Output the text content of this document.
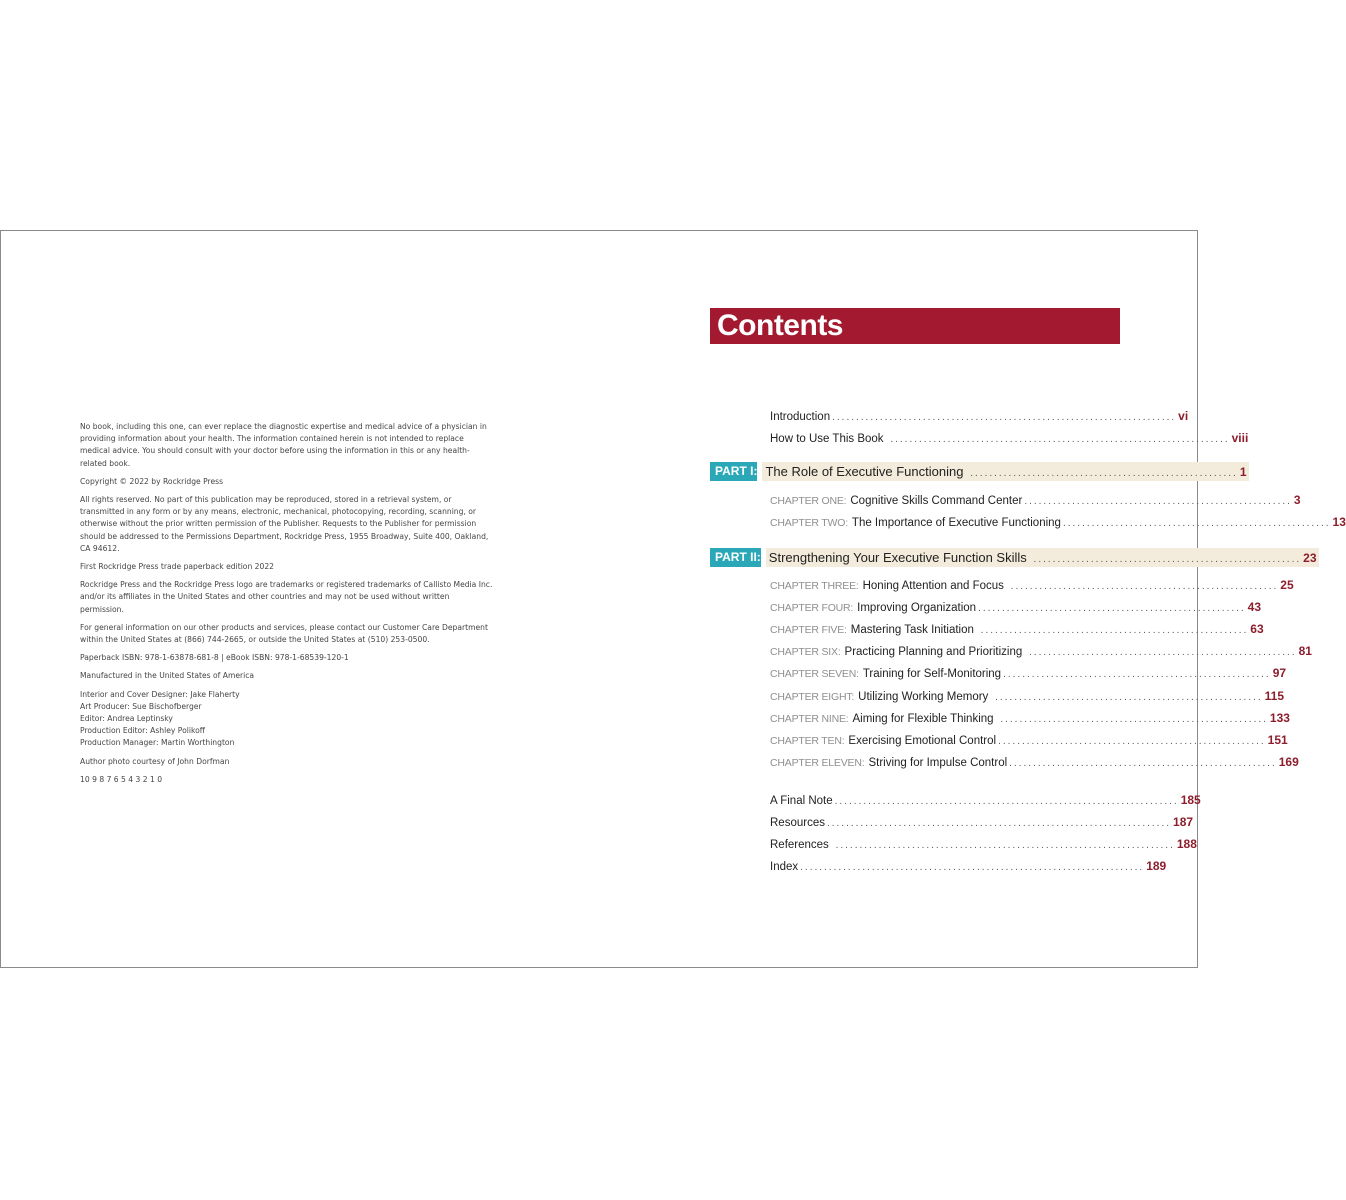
No book, including this one, can ever replace the diagnostic expertise and medical advice of a physician in providing information about your health. The information contained herein is not intended to replace medical advice. You should consult with your doctor before using the information in this or any health-related book.

Copyright © 2022 by Rockridge Press

All rights reserved. No part of this publication may be reproduced, stored in a retrieval system, or transmitted in any form or by any means, electronic, mechanical, photocopying, recording, scanning, or otherwise without the prior written permission of the Publisher. Requests to the Publisher for permission should be addressed to the Permissions Department, Rockridge Press, 1955 Broadway, Suite 400, Oakland, CA 94612.

First Rockridge Press trade paperback edition 2022

Rockridge Press and the Rockridge Press logo are trademarks or registered trademarks of Callisto Media Inc. and/or its affiliates in the United States and other countries and may not be used without written permission.

For general information on our other products and services, please contact our Customer Care Department within the United States at (866) 744-2665, or outside the United States at (510) 253-0500.

Paperback ISBN: 978-1-63878-681-8 | eBook ISBN: 978-1-68539-120-1

Manufactured in the United States of America

Interior and Cover Designer: Jake Flaherty
Art Producer: Sue Bischofberger
Editor: Andrea Leptinsky
Production Editor: Ashley Polikoff
Production Manager: Martin Worthington

Author photo courtesy of John Dorfman

10 9 8 7 6 5 4 3 2 1 0

Contents
Introduction ........................................................................ vi
How to Use This Book ....................................................................... viii
PART I: The Role of Executive Functioning ........................................................ 1
CHAPTER ONE: Cognitive Skills Command Center ........................................................ 3
CHAPTER TWO: The Importance of Executive Functioning ........................................................ 13
PART II: Strengthening Your Executive Function Skills ........................................................ 23
CHAPTER THREE: Honing Attention and Focus ........................................................ 25
CHAPTER FOUR: Improving Organization ........................................................ 43
CHAPTER FIVE: Mastering Task Initiation ........................................................ 63
CHAPTER SIX: Practicing Planning and Prioritizing ........................................................ 81
CHAPTER SEVEN: Training for Self-Monitoring ........................................................ 97
CHAPTER EIGHT: Utilizing Working Memory ........................................................ 115
CHAPTER NINE: Aiming for Flexible Thinking ........................................................ 133
CHAPTER TEN: Exercising Emotional Control ........................................................ 151
CHAPTER ELEVEN: Striving for Impulse Control ........................................................ 169
A Final Note ........................................................................ 185
Resources ........................................................................ 187
References ....................................................................... 188
Index ........................................................................ 189
